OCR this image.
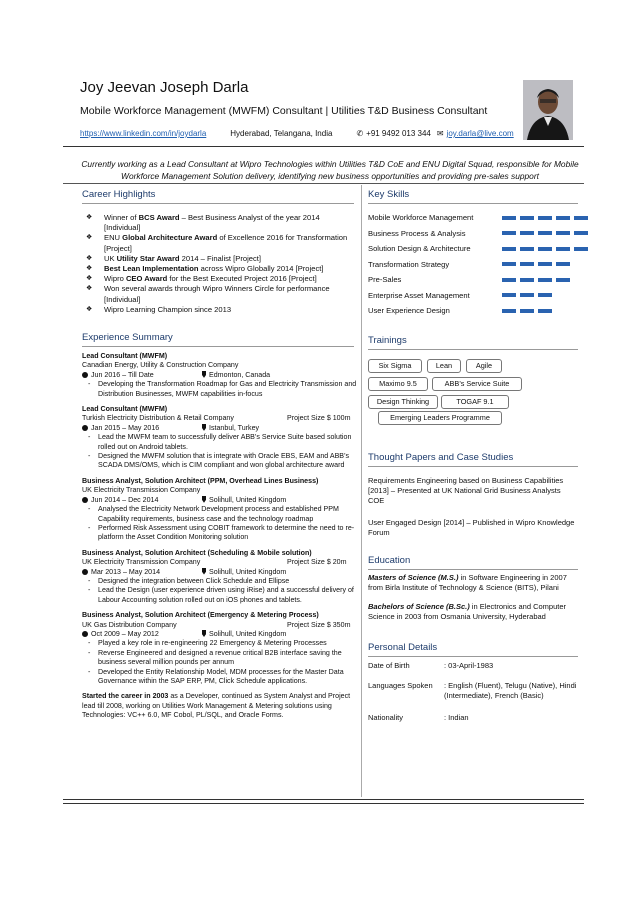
Joy Jeevan Joseph Darla
Mobile Workforce Management (MWFM) Consultant | Utilities T&D Business Consultant
https://www.linkedin.com/in/joydarla	Hyderabad, Telangana, India	✆ +91 9492 013 344 ✉ joy.darla@live.com
Currently working as a Lead Consultant at Wipro Technologies within Utilities T&D CoE and ENU Digital Squad, responsible for Mobile Workforce Management Solution delivery, identifying new business opportunities and providing pre-sales support
Career Highlights
❖ Winner of BCS Award – Best Business Analyst of the year 2014 [Individual]
❖ ENU Global Architecture Award of Excellence 2016 for Transformation [Project]
❖ UK Utility Star Award 2014 – Finalist [Project]
❖ Best Lean Implementation across Wipro Globally 2014 [Project]
❖ Wipro CEO Award for the Best Executed Project 2016 [Project]
❖ Won several awards through Wipro Winners Circle for performance [Individual]
❖ Wipro Learning Champion since 2013
Key Skills
Mobile Workforce Management
Business Process & Analysis
Solution Design & Architecture
Transformation Strategy
Pre-Sales
Enterprise Asset Management
User Experience Design
Trainings
Six Sigma	Lean	Agile
Maximo 9.5	ABB’s Service Suite
Design Thinking	TOGAF 9.1
Emerging Leaders Programme
Thought Papers and Case Studies
Requirements Engineering based on Business Capabilities [2013] – Presented at UK National Grid Business Analysts COE
User Engaged Design [2014] – Published in Wipro Knowledge Forum
Education
Masters of Science (M.S.) in Software Engineering in 2007 from Birla Institute of Technology & Science (BITS), Pilani
Bachelors of Science (B.Sc.) in Electronics and Computer Science in 2003 from Osmania University, Hyderabad
Personal Details
Date of Birth	: 03-April-1983
Languages Spoken	: English (Fluent), Telugu (Native), Hindi (Intermediate), French (Basic)
Nationality	: Indian
Experience Summary
Lead Consultant (MWFM)
Canadian Energy, Utility & Construction Company
Jun 2016 – Till Date	Edmonton, Canada
- Developing the Transformation Roadmap for Gas and Electricity Transmission and Distribution Businesses, MWFM capabilities in-focus
Lead Consultant (MWFM)
Turkish Electricity Distribution & Retail Company	Project Size $ 100m
Jan 2015 – May 2016	Istanbul, Turkey
- Lead the MWFM team to successfully deliver ABB’s Service Suite based solution rolled out on Android tablets.
- Designed the MWFM solution that is integrate with Oracle EBS, EAM and ABB’s SCADA DMS/OMS, which is CIM compliant and won global architecture award
Business Analyst, Solution Architect (PPM, Overhead Lines Business)
UK Electricity Transmission Company
Jun 2014 – Dec 2014	Solihull, United Kingdom
- Analysed the Electricity Network Development process and established PPM Capability requirements, business case and the technology roadmap
- Performed Risk Assessment using COBIT framework to determine the need to re-platform the Asset Condition Monitoring solution
Business Analyst, Solution Architect (Scheduling & Mobile solution)
UK Electricity Transmission Company	Project Size $ 20m
Mar 2013 – May 2014	Solihull, United Kingdom
- Designed the integration between Click Schedule and Ellipse
- Lead the Design (user experience driven using iRise) and a successful delivery of Labour Accounting solution rolled out on iOS phones and tablets.
Business Analyst, Solution Architect (Emergency & Metering Process)
UK Gas Distribution Company	Project Size $ 350m
Oct 2009 – May 2012	Solihull, United Kingdom
- Played a key role in re-engineering 22 Emergency & Metering Processes
- Reverse Engineered and designed a revenue critical B2B interface saving the business several million pounds per annum
- Developed the Entity Relationship Model, MDM processes for the Master Data Governance within the SAP ERP, PM, Click Schedule applications.
Started the career in 2003 as a Developer, continued as System Analyst and Project lead till 2008, working on Utilities Work Management & Metering solutions using Technologies: VC++ 6.0, MF Cobol, PL/SQL, and Oracle Forms.
